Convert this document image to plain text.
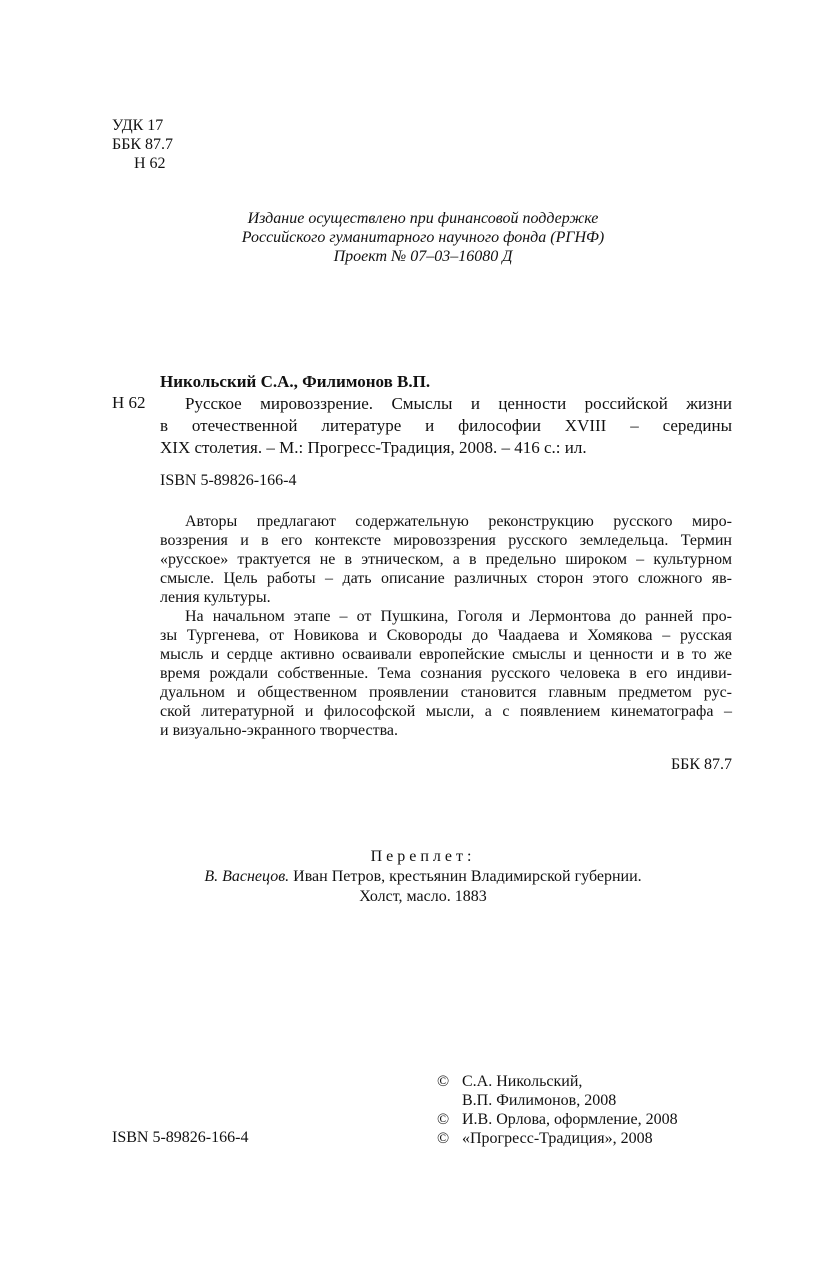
УДК 17
ББК 87.7
Н 62
Издание осуществлено при финансовой поддержке
Российского гуманитарного научного фонда (РГНФ)
Проект № 07–03–16080 Д
Никольский С.А., Филимонов В.П.
Н 62	Русское мировоззрение. Смыслы и ценности российской жизни
в отечественной литературе и философии XVIII – середины
XIX столетия. – М.: Прогресс-Традиция, 2008. – 416 с.: ил.
ISBN 5-89826-166-4
Авторы предлагают содержательную реконструкцию русского миро-
воззрения и в его контексте мировоззрения русского земледельца. Термин
«русское» трактуется не в этническом, а в предельно широком – культурном
смысле. Цель работы – дать описание различных сторон этого сложного яв-
ления культуры.
На начальном этапе – от Пушкина, Гоголя и Лермонтова до ранней про-
зы Тургенева, от Новикова и Сковороды до Чаадаева и Хомякова – русская
мысль и сердце активно осваивали европейские смыслы и ценности и в то же
время рождали собственные. Тема сознания русского человека в его индиви-
дуальном и общественном проявлении становится главным предметом рус-
ской литературной и философской мысли, а с появлением кинематографа –
и визуально-экранного творчества.
ББК 87.7
Переплет:
В. Васнецов. Иван Петров, крестьянин Владимирской губернии.
Холст, масло. 1883
ISBN 5-89826-166-4
© С.А. Никольский,
В.П. Филимонов, 2008
© И.В. Орлова, оформление, 2008
© «Прогресс-Традиция», 2008
